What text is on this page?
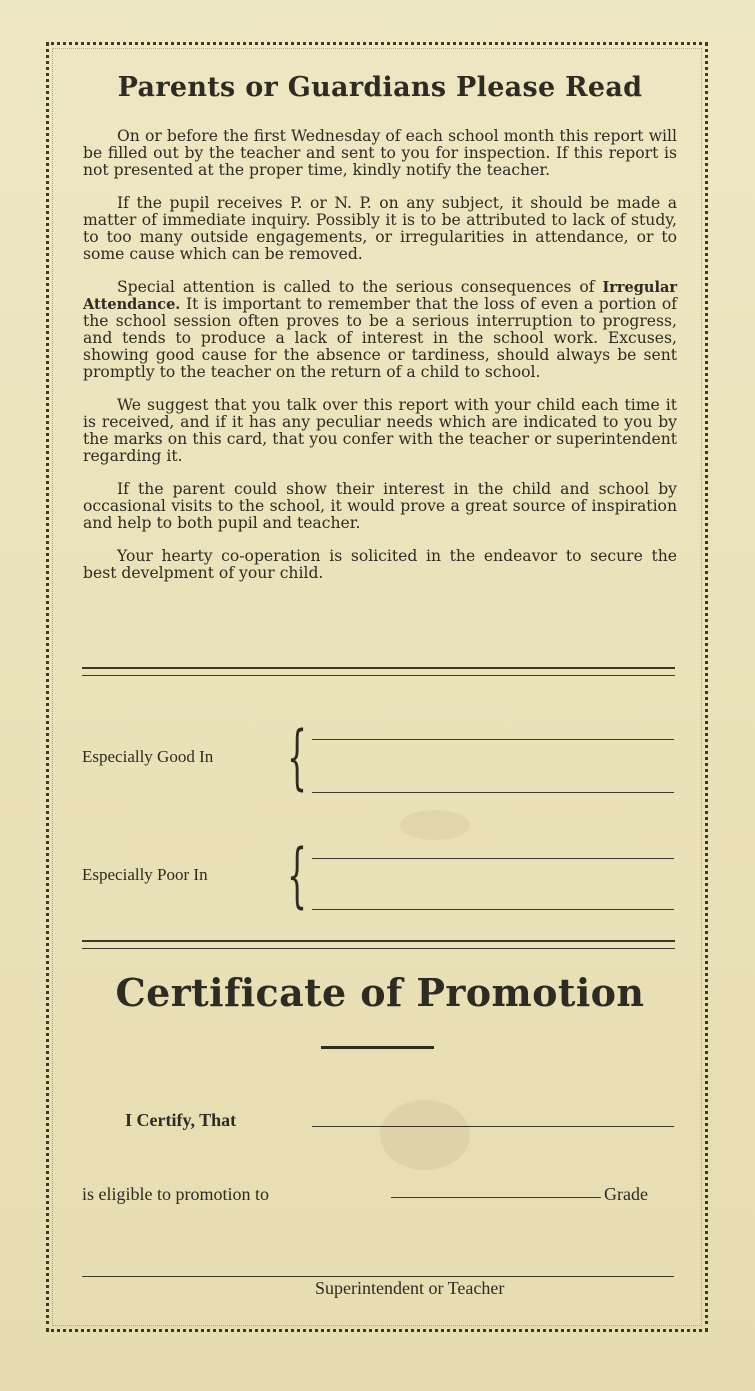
Parents or Guardians Please Read

On or before the first Wednesday of each school month this report will be filled out by the teacher and sent to you for inspection. If this report is not presented at the proper time, kindly notify the teacher.

If the pupil receives P. or N. P. on any subject, it should be made a matter of immediate inquiry. Possibly it is to be attributed to lack of study, to too many outside engagements, or irregularities in attendance, or to some cause which can be removed.

Special attention is called to the serious consequences of Irregular Attendance. It is important to remember that the loss of even a portion of the school session often proves to be a serious interruption to progress, and tends to produce a lack of interest in the school work. Excuses, showing good cause for the absence or tardiness, should always be sent promptly to the teacher on the return of a child to school.

We suggest that you talk over this report with your child each time it is received, and if it has any peculiar needs which are indicated to you by the marks on this card, that you confer with the teacher or superintendent regarding it.

If the parent could show their interest in the child and school by occasional visits to the school, it would prove a great source of inspiration and help to both pupil and teacher.

Your hearty co-operation is solicited in the endeavor to secure the best develpment of your child.

Especially Good In {
Especially Poor In {
Certificate of Promotion
I Certify, That
is eligible to promotion to	Grade
Superintendent or Teacher
